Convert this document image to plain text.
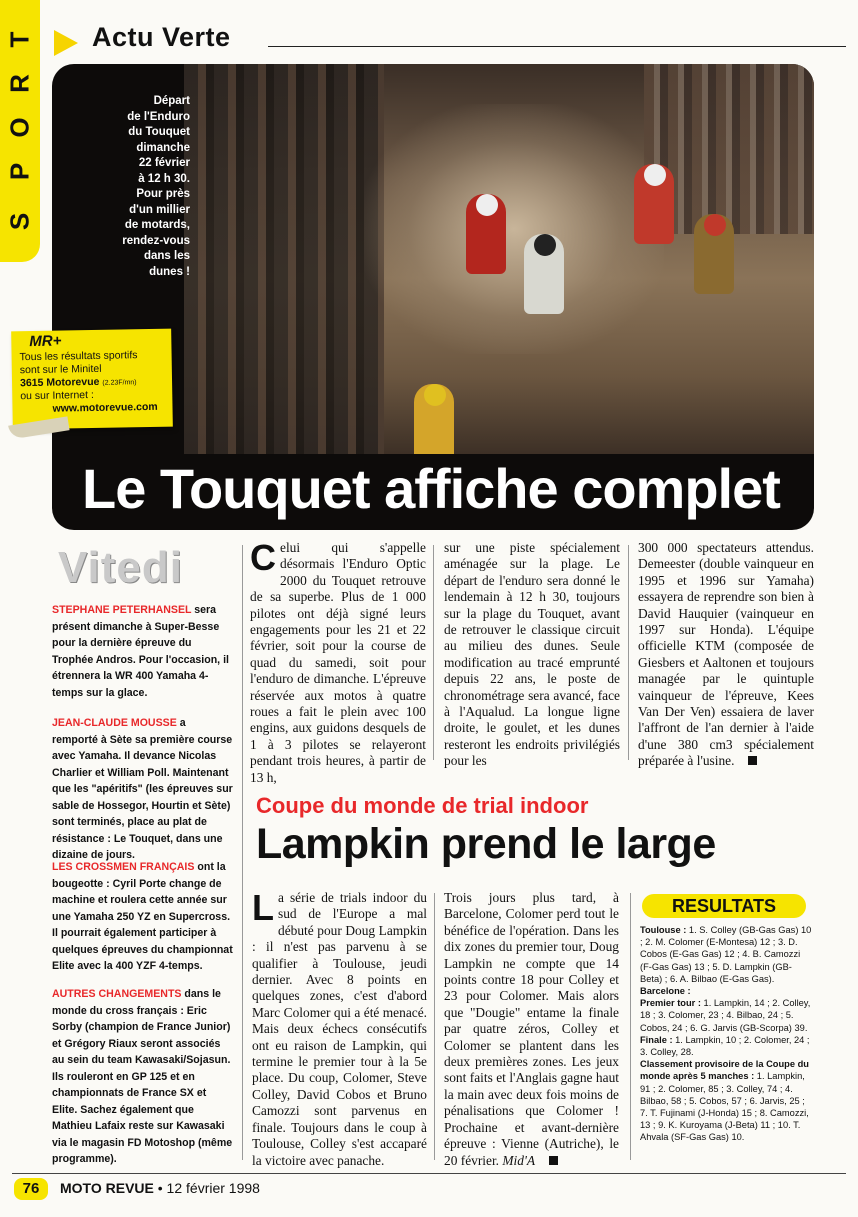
T
R
O
P
S
Actu Verte
Départ
de l'Enduro
du Touquet
dimanche
22 février
à 12 h 30.
Pour près
d'un millier
de motards,
rendez-vous
dans les
dunes !
Le Touquet affiche complet
MR+
Tous les résultats sportifs
sont sur le Minitel
3615 Motorevue (2.23F/mn)
ou sur Internet :
www.motorevue.com
Vitedi
STEPHANE PETERHANSEL sera présent dimanche à Super-Besse pour la dernière épreuve du Trophée Andros. Pour l'occasion, il étrennera la WR 400 Yamaha 4-temps sur la glace.
JEAN-CLAUDE MOUSSE a remporté à Sète sa première course avec Yamaha. Il devance Nicolas Charlier et William Poll. Maintenant que les "apéritifs" (les épreuves sur sable de Hossegor, Hourtin et Sète) sont terminés, place au plat de résistance : Le Touquet, dans une dizaine de jours.
LES CROSSMEN FRANÇAIS ont la bougeotte : Cyril Porte change de machine et roulera cette année sur une Yamaha 250 YZ en Supercross. Il pourrait également participer à quelques épreuves du championnat Elite avec la 400 YZF 4-temps.
AUTRES CHANGEMENTS dans le monde du cross français : Eric Sorby (champion de France Junior) et Grégory Riaux seront associés au sein du team Kawasaki/Sojasun. Ils rouleront en GP 125 et en championnats de France SX et Elite. Sachez également que Mathieu Lafaix reste sur Kawasaki via le magasin FD Motoshop (même programme).
Celui qui s'appelle désormais l'Enduro Optic 2000 du Touquet retrouve de sa superbe. Plus de 1 000 pilotes ont déjà signé leurs engagements pour les 21 et 22 février, soit pour la course de quad du samedi, soit pour l'enduro de dimanche. L'épreuve réservée aux motos à quatre roues a fait le plein avec 100 engins, aux guidons desquels de 1 à 3 pilotes se relayeront pendant trois heures, à partir de 13 h,
sur une piste spécialement aménagée sur la plage. Le départ de l'enduro sera donné le lendemain à 12 h 30, toujours sur la plage du Touquet, avant de retrouver le classique circuit au milieu des dunes. Seule modification au tracé emprunté depuis 22 ans, le poste de chronométrage sera avancé, face à l'Aqualud. La longue ligne droite, le goulet, et les dunes resteront les endroits privilégiés pour les
300 000 spectateurs attendus. Demeester (double vainqueur en 1995 et 1996 sur Yamaha) essayera de reprendre son bien à David Hauquier (vainqueur en 1997 sur Honda). L'équipe officielle KTM (composée de Giesbers et Aaltonen et toujours managée par le quintuple vainqueur de l'épreuve, Kees Van Der Ven) essaiera de laver l'affront de l'an dernier à l'aide d'une 380 cm3 spécialement préparée à l'usine.
Coupe du monde de trial indoor
Lampkin prend le large
La série de trials indoor du sud de l'Europe a mal débuté pour Doug Lampkin : il n'est pas parvenu à se qualifier à Toulouse, jeudi dernier. Avec 8 points en quelques zones, c'est d'abord Marc Colomer qui a été menacé. Mais deux échecs consécutifs ont eu raison de Lampkin, qui termine le premier tour à la 5e place. Du coup, Colomer, Steve Colley, David Cobos et Bruno Camozzi sont parvenus en finale. Toujours dans le coup à Toulouse, Colley s'est accaparé la victoire avec panache.
Trois jours plus tard, à Barcelone, Colomer perd tout le bénéfice de l'opération. Dans les dix zones du premier tour, Doug Lampkin ne compte que 14 points contre 18 pour Colley et 23 pour Colomer. Mais alors que "Dougie" entame la finale par quatre zéros, Colley et Colomer se plantent dans les deux premières zones. Les jeux sont faits et l'Anglais gagne haut la main avec deux fois moins de pénalisations que Colomer ! Prochaine et avant-dernière épreuve : Vienne (Autriche), le 20 février. Mid'A
RESULTATS
Toulouse : 1. S. Colley (GB-Gas Gas) 10 ; 2. M. Colomer (E-Montesa) 12 ; 3. D. Cobos (E-Gas Gas) 12 ; 4. B. Camozzi (F-Gas Gas) 13 ; 5. D. Lampkin (GB-Beta) ; 6. A. Bilbao (E-Gas Gas).
Barcelone :
Premier tour : 1. Lampkin, 14 ; 2. Colley, 18 ; 3. Colomer, 23 ; 4. Bilbao, 24 ; 5. Cobos, 24 ; 6. G. Jarvis (GB-Scorpa) 39.
Finale : 1. Lampkin, 10 ; 2. Colomer, 24 ; 3. Colley, 28.
Classement provisoire de la Coupe du monde après 5 manches : 1. Lampkin, 91 ; 2. Colomer, 85 ; 3. Colley, 74 ; 4. Bilbao, 58 ; 5. Cobos, 57 ; 6. Jarvis, 25 ; 7. T. Fujinami (J-Honda) 15 ; 8. Camozzi, 13 ; 9. K. Kuroyama (J-Beta) 11 ; 10. T. Ahvala (SF-Gas Gas) 10.
76	MOTO REVUE • 12 février 1998
